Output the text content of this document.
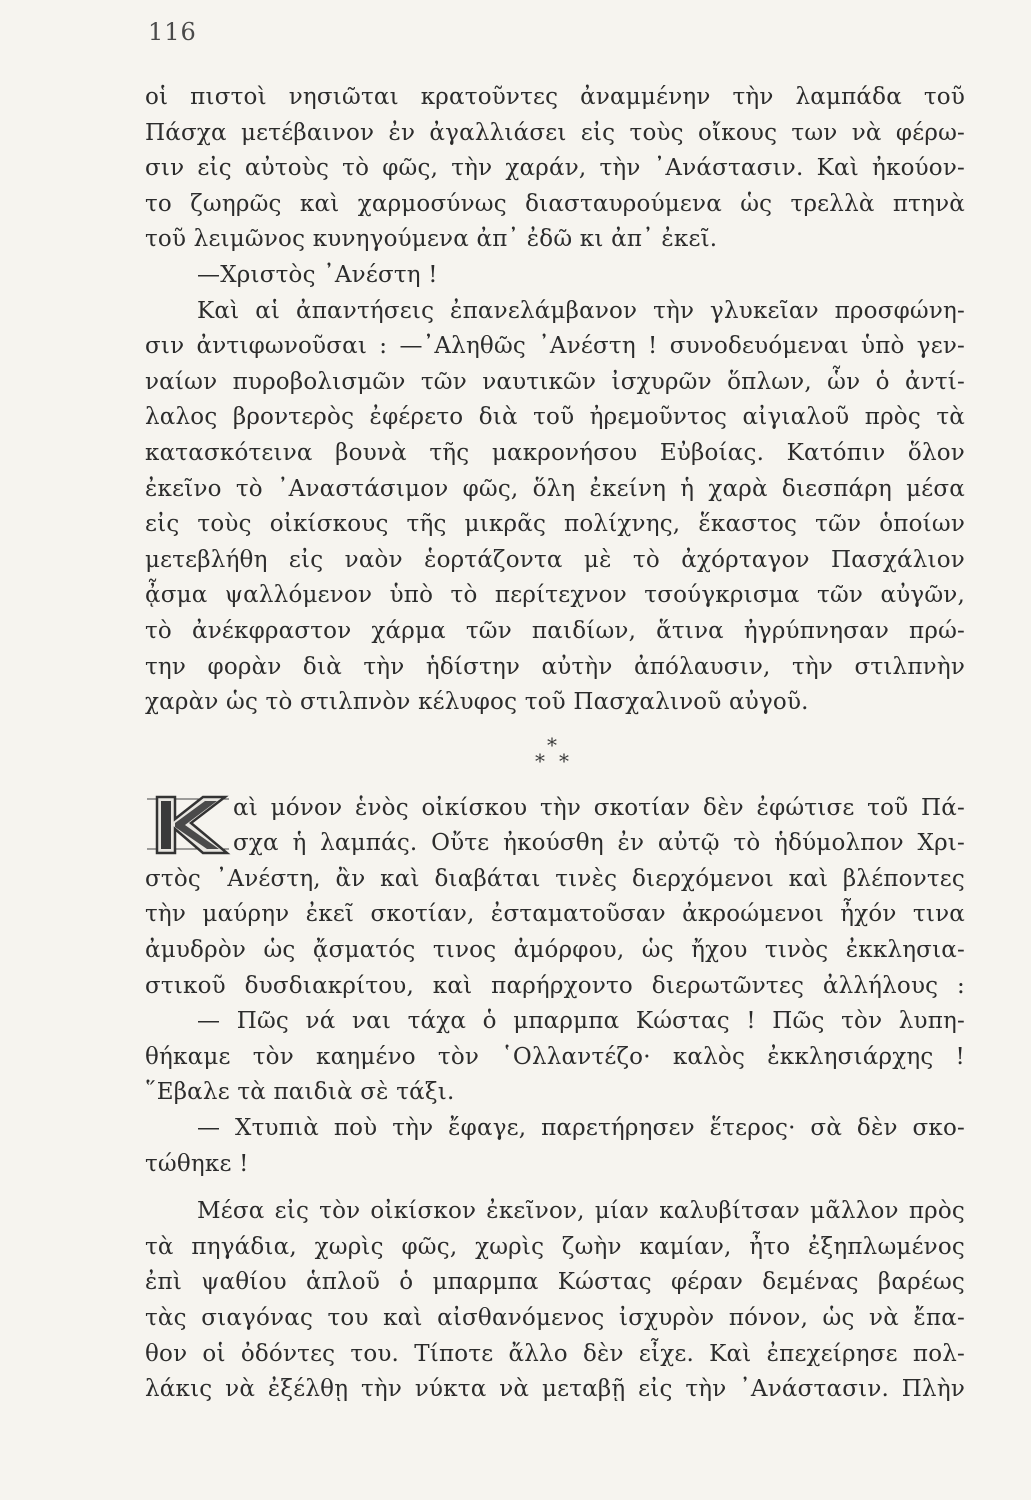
116
οἱ πιστοὶ νησιῶται κρατοῦντες ἀναμμένην τὴν λαμπάδα τοῦ
Πάσχα μετέβαινον ἐν ἀγαλλιάσει εἰς τοὺς οἴκους των νὰ φέρω-
σιν εἰς αὐτοὺς τὸ φῶς, τὴν χαράν, τὴν ᾿Ανάστασιν. Καὶ ἠκούον-
το ζωηρῶς καὶ χαρμοσύνως διασταυρούμενα ὡς τρελλὰ πτηνὰ
τοῦ λειμῶνος κυνηγούμενα ἀπ᾿ ἐδῶ κι ἀπ᾿ ἐκεῖ.
—Χριστὸς ᾿Ανέστη !
Καὶ αἱ ἀπαντήσεις ἐπανελάμβανον τὴν γλυκεῖαν προσφώνη-
σιν ἀντιφωνοῦσαι : —᾿Αληθῶς ᾿Ανέστη ! συνοδευόμεναι ὑπὸ γεν-
ναίων πυροβολισμῶν τῶν ναυτικῶν ἰσχυρῶν ὅπλων, ὧν ὁ ἀντί-
λαλος βροντερὸς ἐφέρετο διὰ τοῦ ἠρεμοῦντος αἰγιαλοῦ πρὸς τὰ
κατασκότεινα βουνὰ τῆς μακρονήσου Εὐβοίας. Κατόπιν ὅλον
ἐκεῖνο τὸ ᾿Αναστάσιμον φῶς, ὅλη ἐκείνη ἡ χαρὰ διεσπάρη μέσα
εἰς τοὺς οἰκίσκους τῆς μικρᾶς πολίχνης, ἕκαστος τῶν ὁποίων
μετεβλήθη εἰς ναὸν ἑορτάζοντα μὲ τὸ ἀχόρταγον Πασχάλιον
ᾆσμα ψαλλόμενον ὑπὸ τὸ περίτεχνον τσούγκρισμα τῶν αὐγῶν,
τὸ ἀνέκφραστον χάρμα τῶν παιδίων, ἅτινα ἠγρύπνησαν πρώ-
την φορὰν διὰ τὴν ἡδίστην αὐτὴν ἀπόλαυσιν, τὴν στιλπνὴν
χαρὰν ὡς τὸ στιλπνὸν κέλυφος τοῦ Πασχαλινοῦ αὐγοῦ.
*
* *
αὶ μόνον ἑνὸς οἰκίσκου τὴν σκοτίαν δὲν ἐφώτισε τοῦ Πά-
σχα ἡ λαμπάς. Οὔτε ἠκούσθη ἐν αὐτῷ τὸ ἡδύμολπον Χρι-
στὸς ᾿Ανέστη, ἂν καὶ διαβάται τινὲς διερχόμενοι καὶ βλέποντες
τὴν μαύρην ἐκεῖ σκοτίαν, ἐσταματοῦσαν ἀκροώμενοι ἦχόν τινα
ἀμυδρὸν ὡς ᾄσματός τινος ἀμόρφου, ὡς ἤχου τινὸς ἐκκλησια-
στικοῦ δυσδιακρίτου, καὶ παρήρχοντο διερωτῶντες ἀλλήλους :
— Πῶς νά ναι τάχα ὁ μπαρμπα Κώστας ! Πῶς τὸν λυπη-
θήκαμε τὸν καημένο τὸν ῾Ολλαντέζο· καλὸς ἐκκλησιάρχης !
῞Εβαλε τὰ παιδιὰ σὲ τάξι.
— Χτυπιὰ ποὺ τὴν ἔφαγε, παρετήρησεν ἕτερος· σὰ δὲν σκο-
τώθηκε !
Μέσα εἰς τὸν οἰκίσκον ἐκεῖνον, μίαν καλυβίτσαν μᾶλλον πρὸς
τὰ πηγάδια, χωρὶς φῶς, χωρὶς ζωὴν καμίαν, ἦτο ἐξηπλωμένος
ἐπὶ ψαθίου ἁπλοῦ ὁ μπαρμπα Κώστας φέραν δεμένας βαρέως
τὰς σιαγόνας του καὶ αἰσθανόμενος ἰσχυρὸν πόνον, ὡς νὰ ἔπα-
θον οἱ ὀδόντες του. Τίποτε ἄλλο δὲν εἶχε. Καὶ ἐπεχείρησε πολ-
λάκις νὰ ἐξέλθῃ τὴν νύκτα νὰ μεταβῇ εἰς τὴν ᾿Ανάστασιν. Πλὴν
